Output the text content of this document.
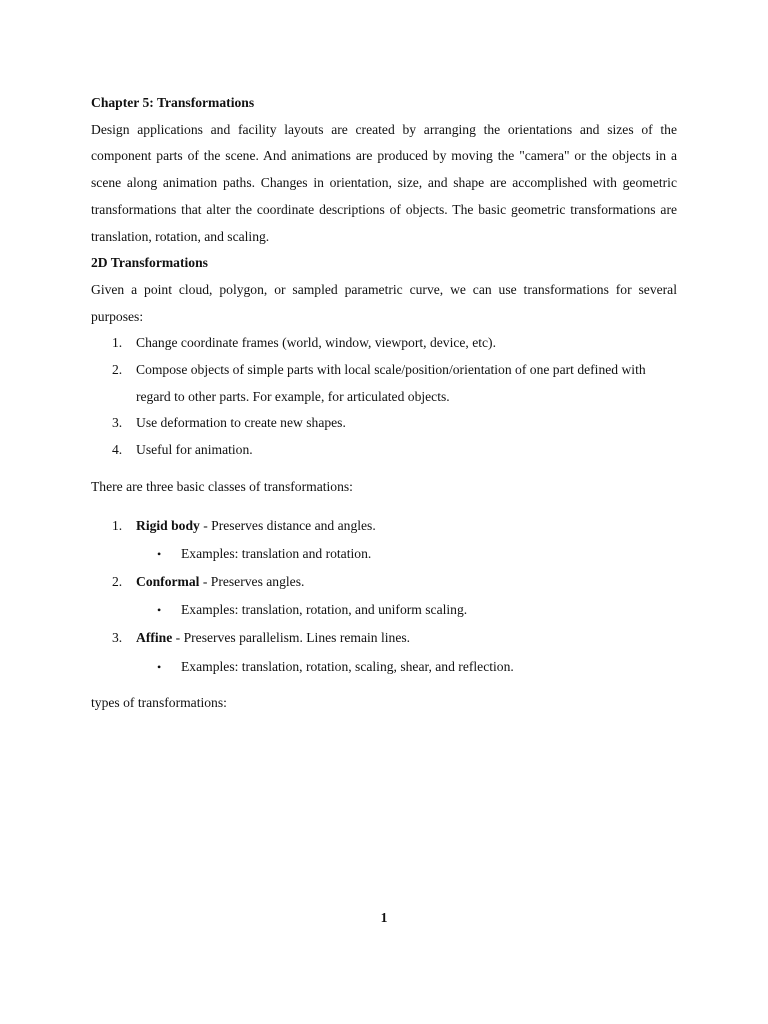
Chapter 5: Transformations

Design applications and facility layouts are created by arranging the orientations and sizes of the component parts of the scene. And animations are produced by moving the "camera" or the objects in a scene along animation paths. Changes in orientation, size, and shape are accomplished with geometric transformations that alter the coordinate descriptions of objects. The basic geometric transformations are translation, rotation, and scaling.

2D Transformations

Given a point cloud, polygon, or sampled parametric curve, we can use transformations for several purposes:

1. Change coordinate frames (world, window, viewport, device, etc).
2. Compose objects of simple parts with local scale/position/orientation of one part defined with regard to other parts. For example, for articulated objects.
3. Use deformation to create new shapes.
4. Useful for animation.

There are three basic classes of transformations:

1. Rigid body - Preserves distance and angles.
• Examples: translation and rotation.
2. Conformal - Preserves angles.
• Examples: translation, rotation, and uniform scaling.
3. Affine - Preserves parallelism. Lines remain lines.
• Examples: translation, rotation, scaling, shear, and reflection.

types of transformations:

1
